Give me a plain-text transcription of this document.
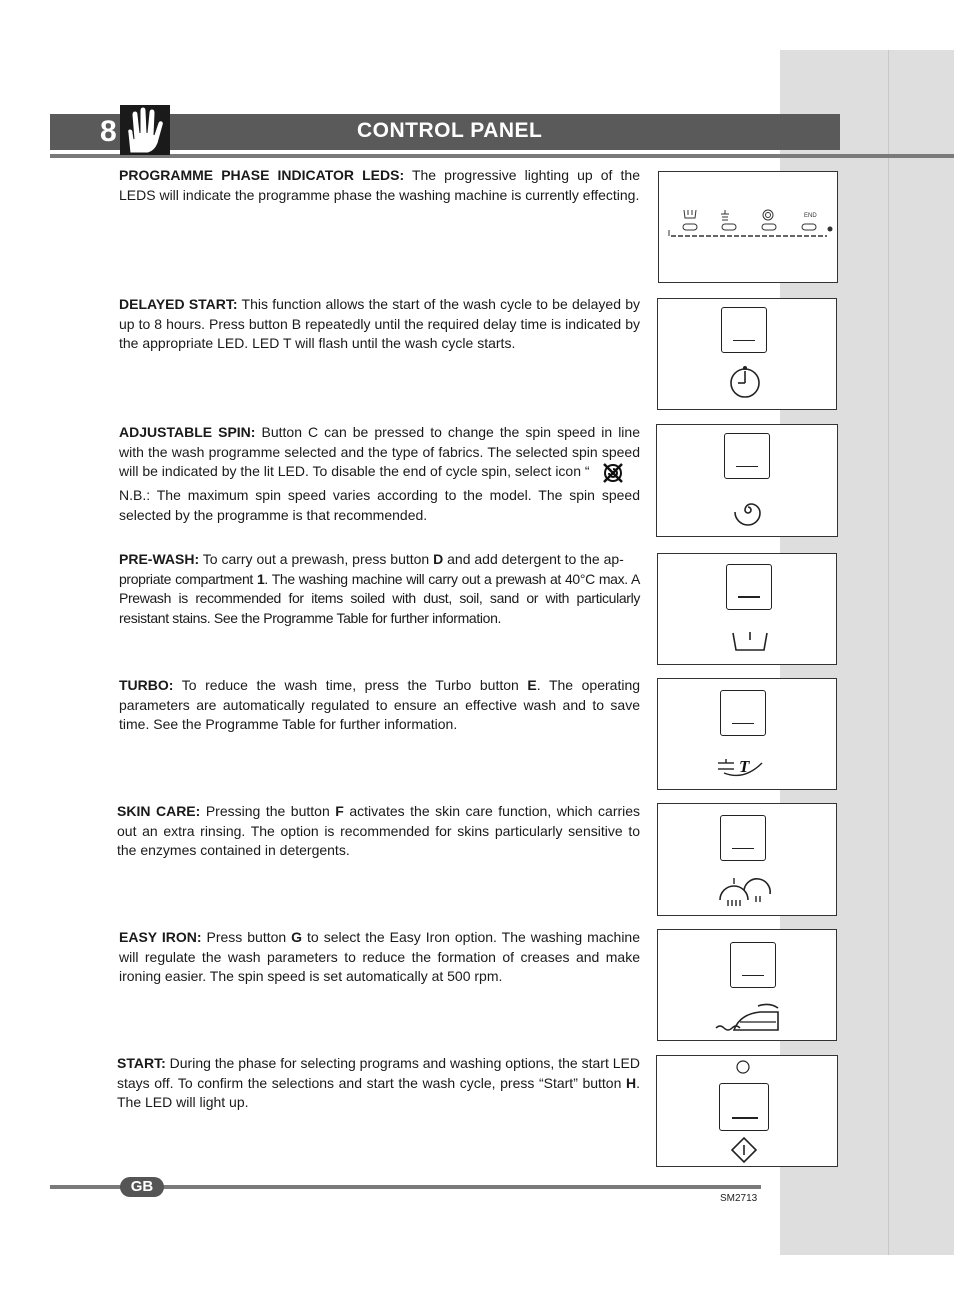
8	CONTROL PANEL

PROGRAMME PHASE INDICATOR LEDS: The progressive lighting up of the LEDS will indicate the programme phase the washing machine is currently effecting.

DELAYED START: This function allows the start of the wash cycle to be delayed by up to 8 hours. Press button B repeatedly until the required delay time is indicated by the appropriate LED. LED T will flash until the wash cycle starts.

ADJUSTABLE SPIN: Button C can be pressed to change the spin speed in line with the wash programme selected and the type of fabrics. The selected spin speed will be indicated by the lit LED. To disable the end of cycle spin, select icon “

N.B.: The maximum spin speed varies according to the model. The spin speed selected by the programme is that recommended.

PRE-WASH: To carry out a prewash, press button D and add detergent to the ap-
propriate compartment 1. The washing machine will carry out a prewash at 40°C max. A Prewash is recommended for items soiled with dust, soil, sand or with particularly resistant stains. See the Programme Table for further information.

TURBO: To reduce the wash time, press the Turbo button E. The operating parameters are automatically regulated to ensure an effective wash and to save time. See the Programme Table for further information.

SKIN CARE: Pressing the button F activates the skin care function, which carries out an extra rinsing. The option is recommended for skins particularly sensitive to the enzymes contained in detergents.

EASY IRON: Press button G to select the Easy Iron option. The washing machine will regulate the wash parameters to reduce the formation of creases and make ironing easier. The spin speed is set automatically at 500 rpm.

START: During the phase for selecting programs and washing options, the start LED stays off. To confirm the selections and start the wash cycle, press “Start” button H. The LED will light up.

END
T
GB
SM2713
